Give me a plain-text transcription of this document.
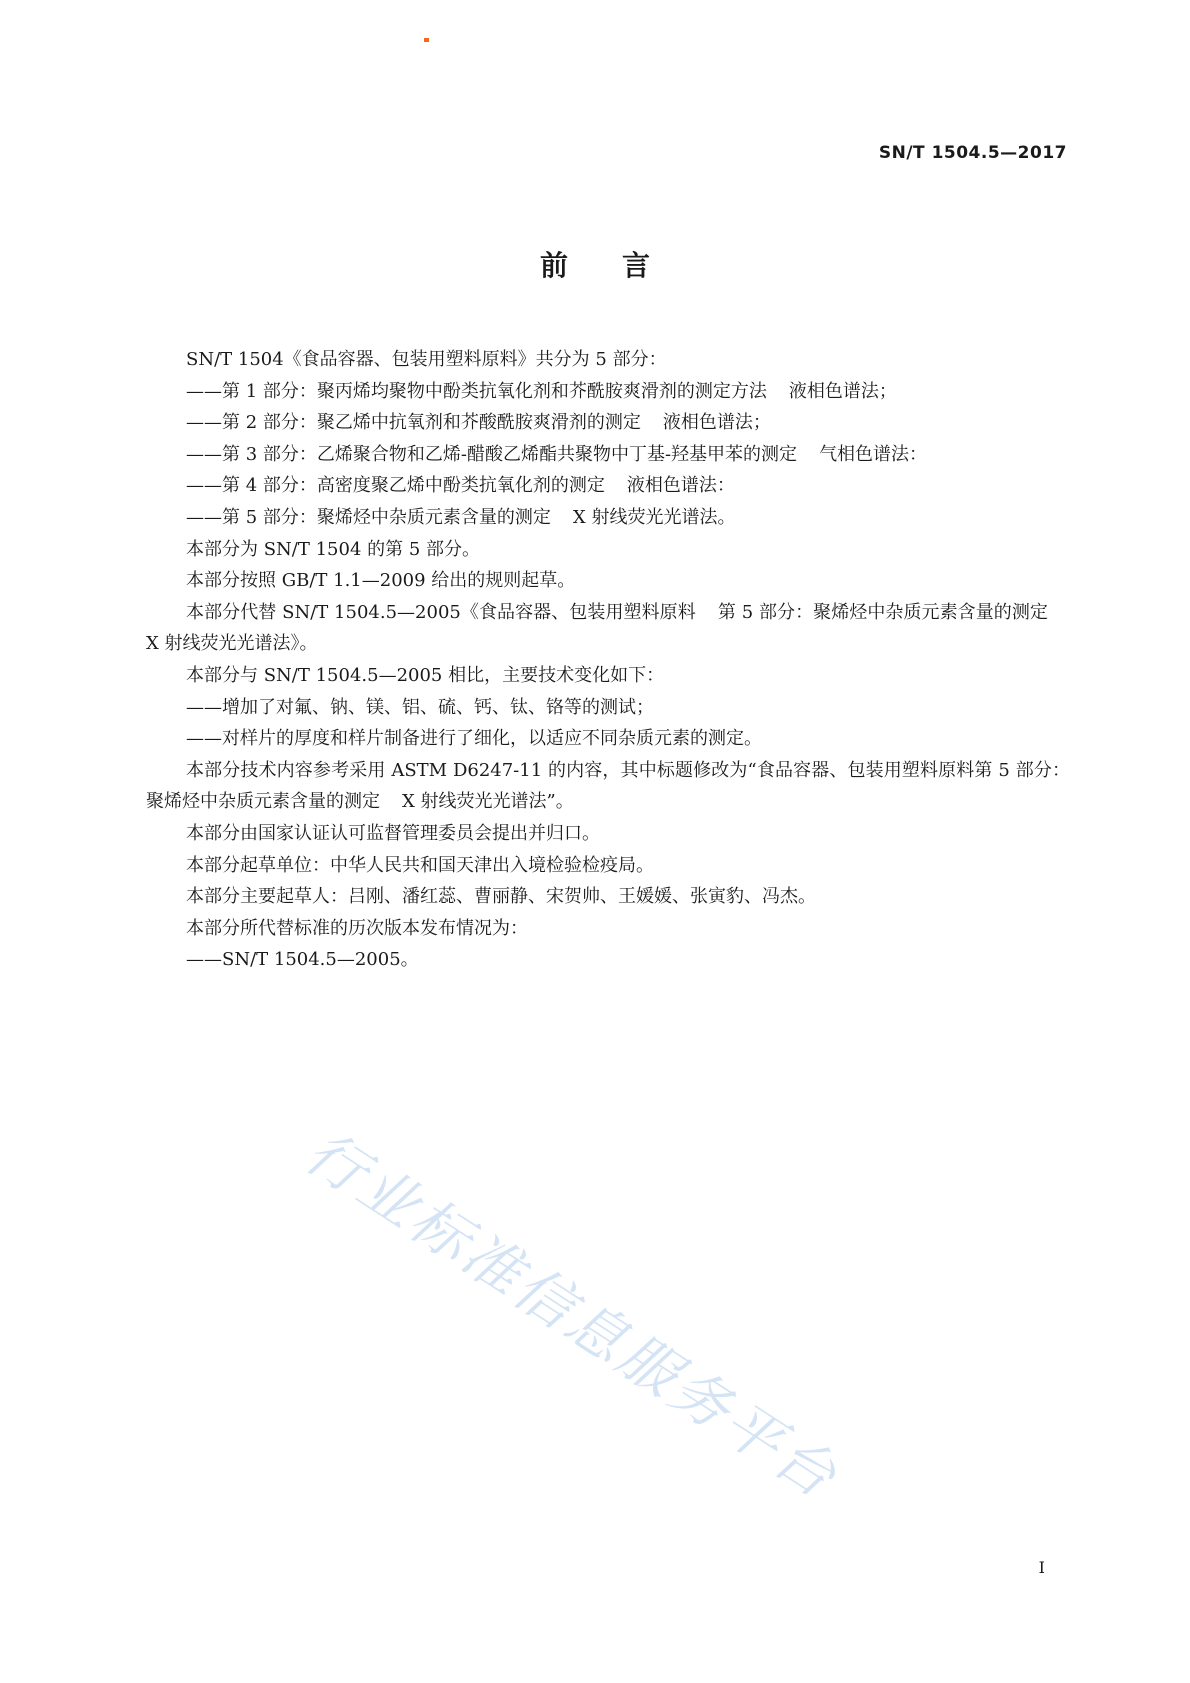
SN/T 1504.5—2017
前言

SN/T 1504《食品容器、包装用塑料原料》共分为 5 部分：

——第 1 部分：聚丙烯均聚物中酚类抗氧化剂和芥酰胺爽滑剂的测定方法 液相色谱法；

——第 2 部分：聚乙烯中抗氧剂和芥酸酰胺爽滑剂的测定 液相色谱法；

——第 3 部分：乙烯聚合物和乙烯-醋酸乙烯酯共聚物中丁基-羟基甲苯的测定 气相色谱法：

——第 4 部分：高密度聚乙烯中酚类抗氧化剂的测定 液相色谱法：

——第 5 部分：聚烯烃中杂质元素含量的测定 X 射线荧光光谱法。

本部分为 SN/T 1504 的第 5 部分。

本部分按照 GB/T 1.1—2009 给出的规则起草。

本部分代替 SN/T 1504.5—2005《食品容器、包装用塑料原料 第 5 部分：聚烯烃中杂质元素含量的测定X 射线荧光光谱法》。

本部分与 SN/T 1504.5—2005 相比，主要技术变化如下：

——增加了对氟、钠、镁、铝、硫、钙、钛、铬等的测试；

——对样片的厚度和样片制备进行了细化，以适应不同杂质元素的测定。

本部分技术内容参考采用 ASTM D6247-11 的内容，其中标题修改为“食品容器、包装用塑料原料第 5 部分：聚烯烃中杂质元素含量的测定 X 射线荧光光谱法”。

本部分由国家认证认可监督管理委员会提出并归口。

本部分起草单位：中华人民共和国天津出入境检验检疫局。

本部分主要起草人：吕刚、潘红蕊、曹丽静、宋贺帅、王媛媛、张寅豹、冯杰。

本部分所代替标准的历次版本发布情况为：

——SN/T 1504.5—2005。

行业标准信息服务平台
I
